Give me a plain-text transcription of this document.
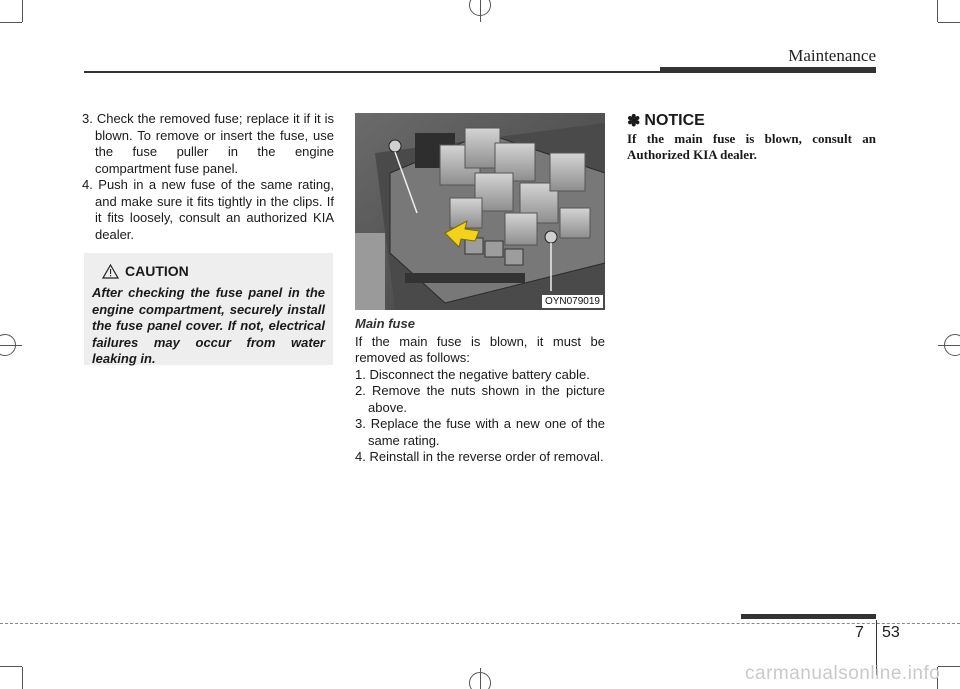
Maintenance

3. Check the removed fuse; replace it if it is blown. To remove or insert the fuse, use the fuse puller in the engine compartment fuse panel.

4. Push in a new fuse of the same rating, and make sure it fits tightly in the clips. If it fits loosely, consult an authorized KIA dealer.

CAUTION

After checking the fuse panel in the engine compartment, securely install the fuse panel cover. If not, electrical failures may occur from water leaking in.

OYN079019
Main fuse

If the main fuse is blown, it must be removed as follows:

1. Disconnect the negative battery cable.

2. Remove the nuts shown in the picture above.

3. Replace the fuse with a new one of the same rating.

4. Reinstall in the reverse order of removal.

✽ NOTICE

If the main fuse is blown, consult an Authorized KIA dealer.

7 53
carmanualsonline.info
